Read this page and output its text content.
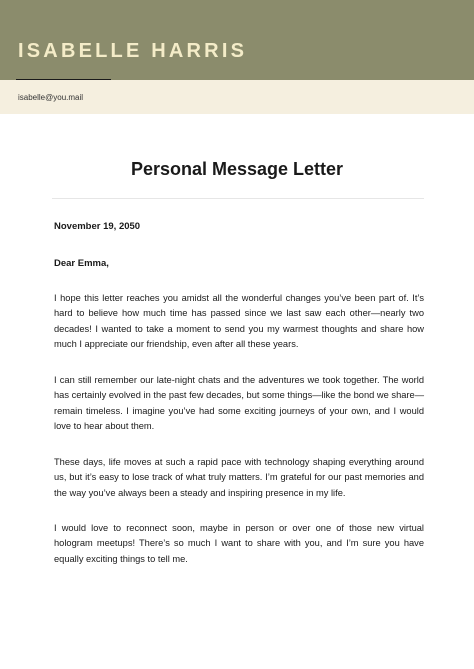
ISABELLE HARRIS
isabelle@you.mail
Personal Message Letter
November 19, 2050
Dear Emma,
I hope this letter reaches you amidst all the wonderful changes you’ve been part of. It’s hard to believe how much time has passed since we last saw each other—nearly two decades! I wanted to take a moment to send you my warmest thoughts and share how much I appreciate our friendship, even after all these years.
I can still remember our late-night chats and the adventures we took together. The world has certainly evolved in the past few decades, but some things—like the bond we share—remain timeless. I imagine you’ve had some exciting journeys of your own, and I would love to hear about them.
These days, life moves at such a rapid pace with technology shaping everything around us, but it’s easy to lose track of what truly matters. I’m grateful for our past memories and the way you’ve always been a steady and inspiring presence in my life.
I would love to reconnect soon, maybe in person or over one of those new virtual hologram meetups! There’s so much I want to share with you, and I’m sure you have equally exciting things to tell me.
